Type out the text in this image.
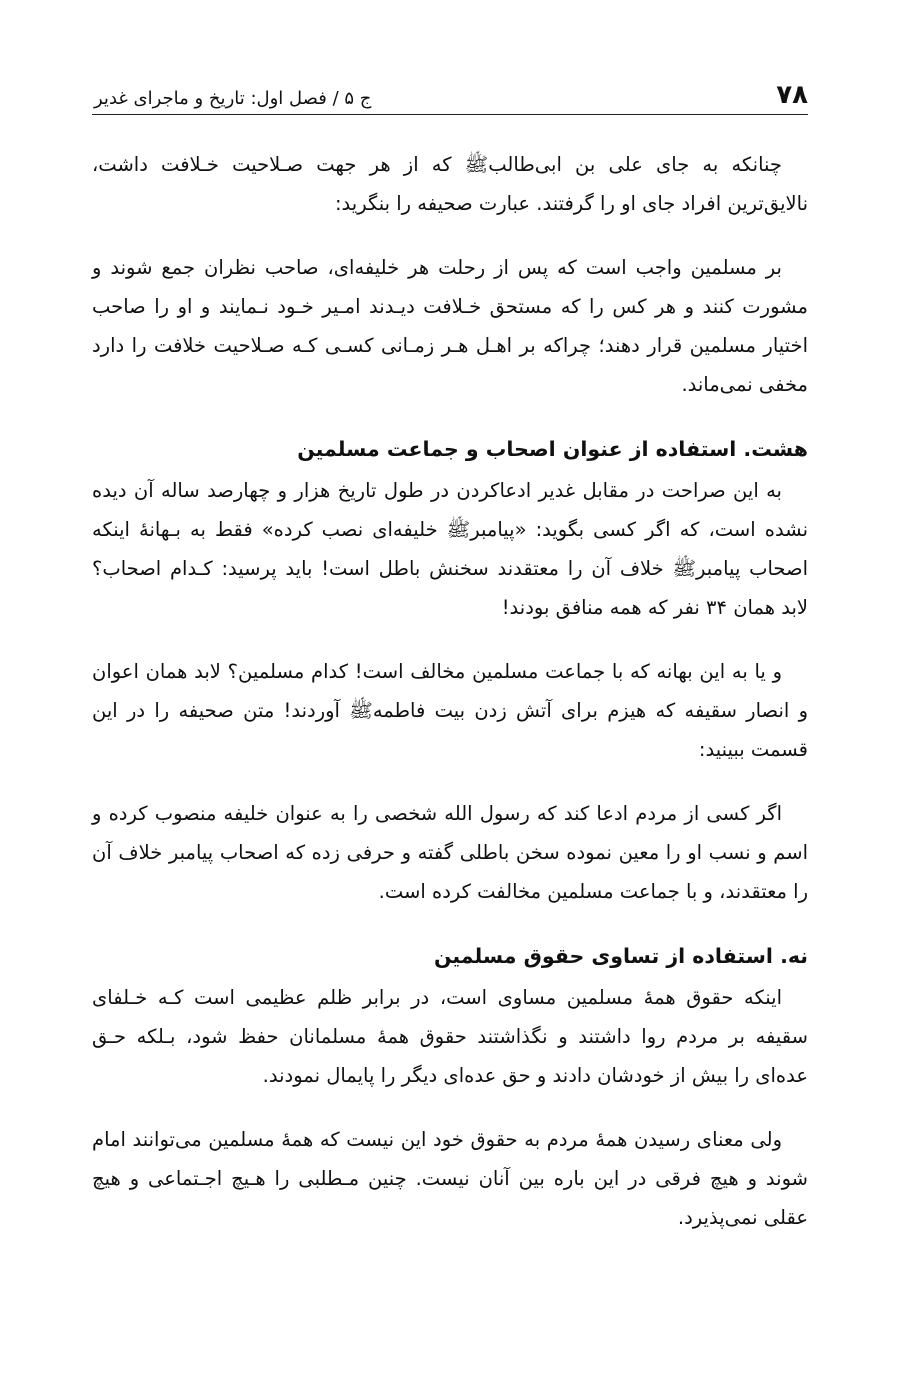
۷۸
ج ۵ / فصل اول: تاریخ و ماجرای غدیر

چنانکه به جای علی بن ابی‌طالبﷺ که از هر جهت صـلاحیت خـلافت داشت، نالایق‌ترین افراد جای او را گرفتند. عبارت صحیفه را بنگرید:

بر مسلمین واجب است که پس از رحلت هر خلیفه‌ای، صاحب نظران جمع شوند و مشورت کنند و هر کس را که مستحق خـلافت دیـدند امـیر خـود نـمایند و او را صاحب اختیار مسلمین قرار دهند؛ چراکه بر اهـل هـر زمـانی کسـی کـه صـلاحیت خلافت را دارد مخفی نمی‌ماند.

هشت. استفاده از عنوان اصحاب و جماعت مسلمین

به این صراحت در مقابل غدیر ادعاکردن در طول تاریخ هزار و چهارصد ساله آن دیده نشده است، که اگر کسی بگوید: «پیامبرﷺ خلیفه‌ای نصب کرده» فقط به بـهانهٔ اینکه اصحاب پیامبرﷺ خلاف آن را معتقدند سخنش باطل است! باید پرسید: کـدام اصحاب؟ لابد همان ۳۴ نفر که همه منافق بودند!

و یا به این بهانه که با جماعت مسلمین مخالف است! کدام مسلمین؟ لابد همان اعوان و انصار سقیفه که هیزم برای آتش زدن بیت فاطمهﷺ آوردند! متن صحیفه را در این قسمت ببینید:

اگر کسی از مردم ادعا کند که رسول الله شخصی را به عنوان خلیفه منصوب کرده و اسم و نسب او را معین نموده سخن باطلی گفته و حرفی زده که اصحاب پیامبر خلاف آن را معتقدند، و با جماعت مسلمین مخالفت کرده است.

نه. استفاده از تساوی حقوق مسلمین

اینکه حقوق همهٔ مسلمین مساوی است، در برابر ظلم عظیمی است کـه خـلفای سقیفه بر مردم روا داشتند و نگذاشتند حقوق همهٔ مسلمانان حفظ شود، بـلکه حـق عده‌ای را بیش از خودشان دادند و حق عده‌ای دیگر را پایمال نمودند.

ولی معنای رسیدن همهٔ مردم به حقوق خود این نیست که همهٔ مسلمین می‌توانند امام شوند و هیچ فرقی در این باره بین آنان نیست. چنین مـطلبی را هـیچ اجـتماعی و هیچ عقلی نمی‌پذیرد.
